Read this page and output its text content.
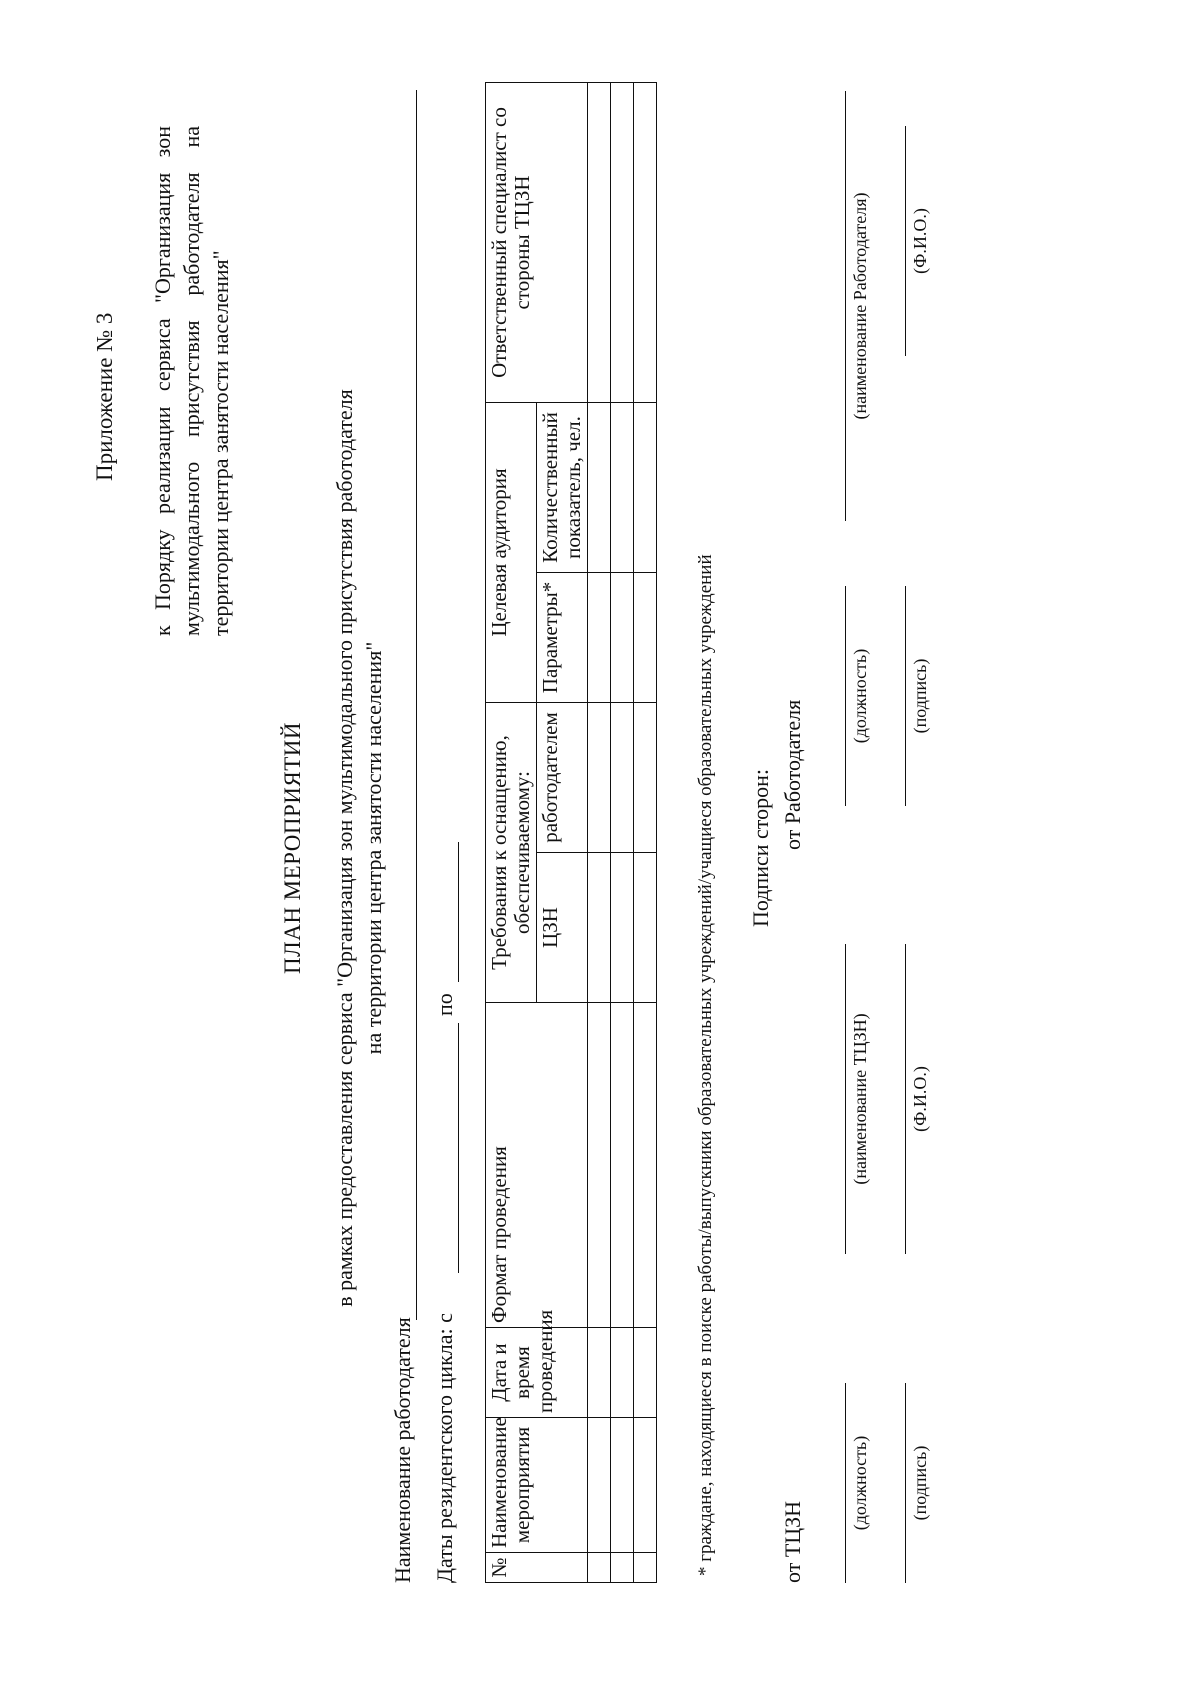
Приложение № 3 к Порядку реализации сервиса "Организация зон мультимодального присутствия работодателя на территории центра занятости населения"
ПЛАН МЕРОПРИЯТИЙ в рамках предоставления сервиса "Организация зон мультимодального присутствия работодателя на территории центра занятости населения"
Наименование работодателя Даты резидентского цикла: с
по
№	Наименование мероприятия	Дата и время проведения	Формат проведения	Требования к оснащению, обеспечиваемому:		Целевая аудитория		Ответственный специалист со стороны ТЦЗН
				ЦЗН	работодателем	Параметры*	Количественный показатель, чел.	

* граждане, находящиеся в поиске работы/выпускники образовательных учреждений/учащиеся образовательных учреждений Подписи сторон:
от ТЦЗН
(должность)
(наименование ТЦЗН)
(подпись)
(Ф.И.О.)
от Работодателя
(должность)
(наименование Работодателя)
(подпись)
(Ф.И.О.)
